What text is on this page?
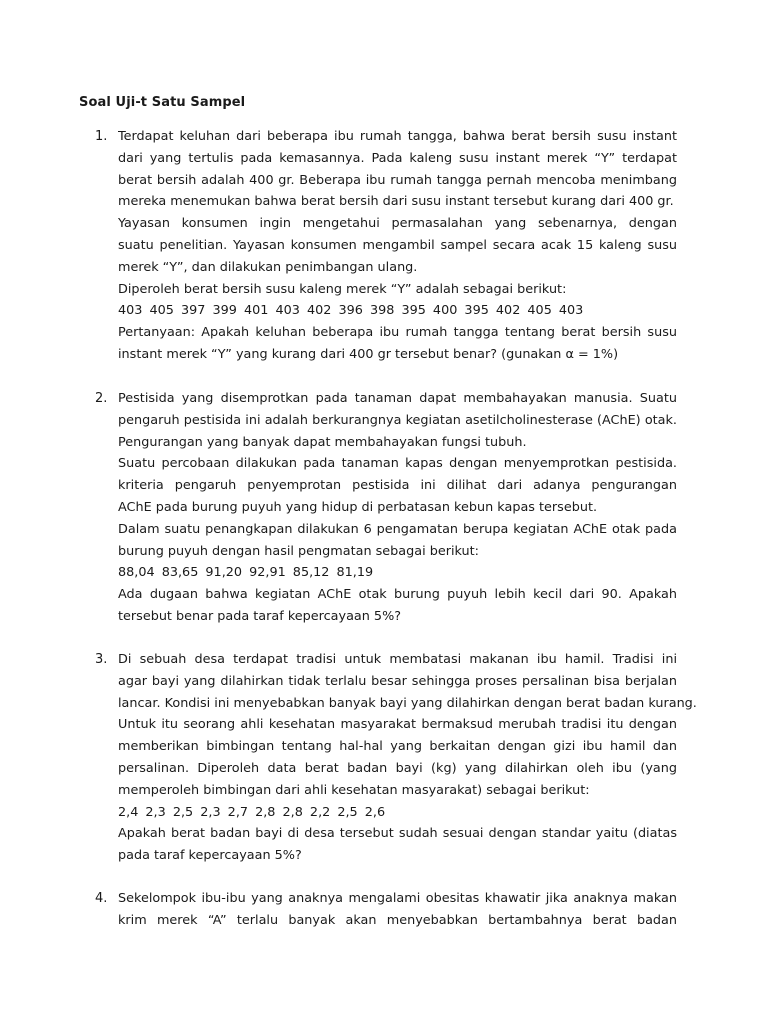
Soal Uji-t Satu Sampel
1. Terdapat keluhan dari beberapa ibu rumah tangga, bahwa berat bersih susu instant
dari yang tertulis pada kemasannya. Pada kaleng susu instant merek “Y” terdapat
berat bersih adalah 400 gr. Beberapa ibu rumah tangga pernah mencoba menimbang
mereka menemukan bahwa berat bersih dari susu instant tersebut kurang dari 400 gr.
Yayasan konsumen ingin mengetahui permasalahan yang sebenarnya, dengan
suatu penelitian. Yayasan konsumen mengambil sampel secara acak 15 kaleng susu
merek “Y”, dan dilakukan penimbangan ulang.
Diperoleh berat bersih susu kaleng merek “Y” adalah sebagai berikut:
403 405 397 399 401 403 402 396 398 395 400 395 402 405 403
Pertanyaan: Apakah keluhan beberapa ibu rumah tangga tentang berat bersih susu
instant merek “Y” yang kurang dari 400 gr tersebut benar? (gunakan α = 1%)
2. Pestisida yang disemprotkan pada tanaman dapat membahayakan manusia. Suatu
pengaruh pestisida ini adalah berkurangnya kegiatan asetilcholinesterase (AChE) otak.
Pengurangan yang banyak dapat membahayakan fungsi tubuh.
Suatu percobaan dilakukan pada tanaman kapas dengan menyemprotkan pestisida.
kriteria pengaruh penyemprotan pestisida ini dilihat dari adanya pengurangan
AChE pada burung puyuh yang hidup di perbatasan kebun kapas tersebut.
Dalam suatu penangkapan dilakukan 6 pengamatan berupa kegiatan AChE otak pada
burung puyuh dengan hasil pengmatan sebagai berikut:
88,04 83,65 91,20 92,91 85,12 81,19
Ada dugaan bahwa kegiatan AChE otak burung puyuh lebih kecil dari 90. Apakah
tersebut benar pada taraf kepercayaan 5%?
3. Di sebuah desa terdapat tradisi untuk membatasi makanan ibu hamil. Tradisi ini
agar bayi yang dilahirkan tidak terlalu besar sehingga proses persalinan bisa berjalan
lancar. Kondisi ini menyebabkan banyak bayi yang dilahirkan dengan berat badan kurang.
Untuk itu seorang ahli kesehatan masyarakat bermaksud merubah tradisi itu dengan
memberikan bimbingan tentang hal-hal yang berkaitan dengan gizi ibu hamil dan
persalinan. Diperoleh data berat badan bayi (kg) yang dilahirkan oleh ibu (yang
memperoleh bimbingan dari ahli kesehatan masyarakat) sebagai berikut:
2,4 2,3 2,5 2,3 2,7 2,8 2,8 2,2 2,5 2,6
Apakah berat badan bayi di desa tersebut sudah sesuai dengan standar yaitu (diatas
pada taraf kepercayaan 5%?
4. Sekelompok ibu-ibu yang anaknya mengalami obesitas khawatir jika anaknya makan
krim merek “A” terlalu banyak akan menyebabkan bertambahnya berat badan
